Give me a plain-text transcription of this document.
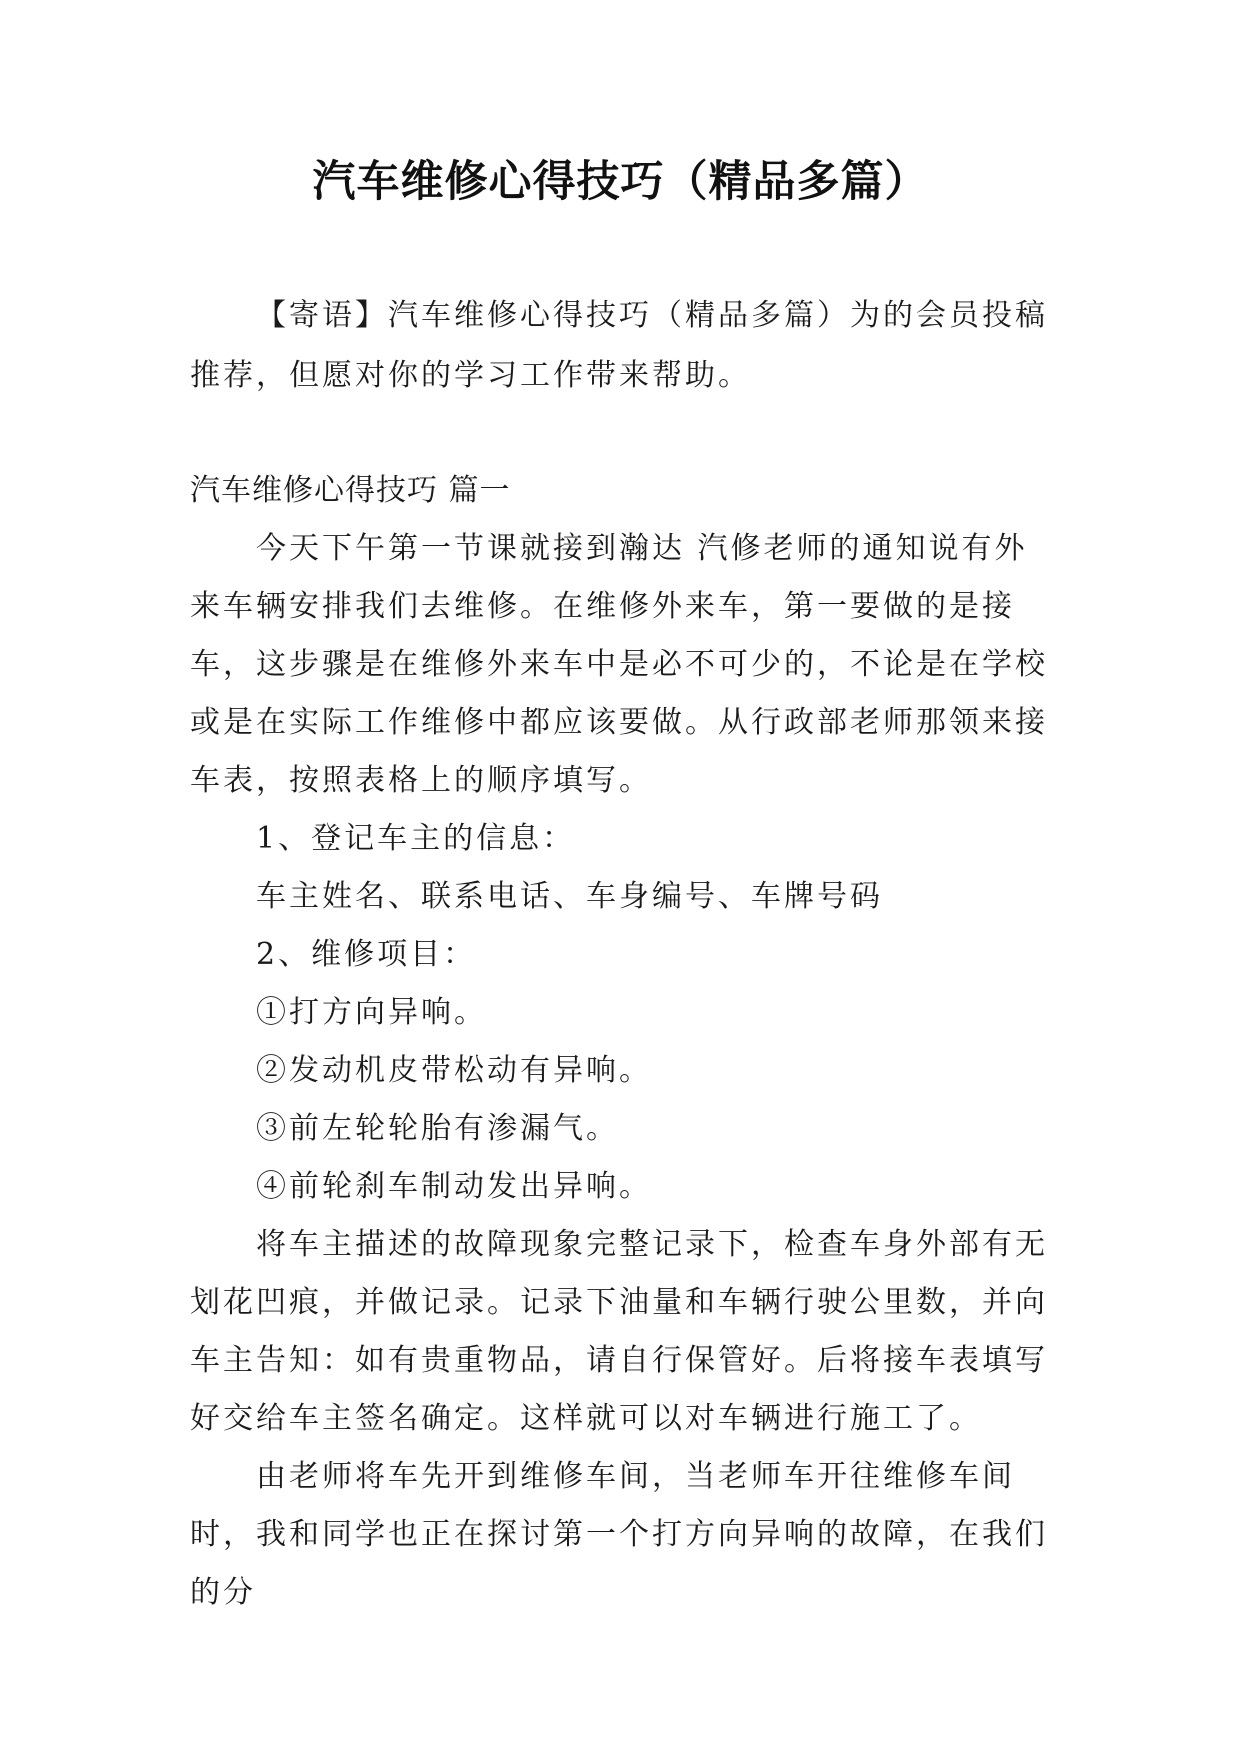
汽车维修心得技巧（精品多篇）
【寄语】汽车维修心得技巧（精品多篇）为的会员投稿推荐，但愿对你的学习工作带来帮助。

汽车维修心得技巧 篇一

今天下午第一节课就接到瀚达 汽修老师的通知说有外来车辆安排我们去维修。在维修外来车，第一要做的是接车，这步骤是在维修外来车中是必不可少的，不论是在学校或是在实际工作维修中都应该要做。从行政部老师那领来接车表，按照表格上的顺序填写。

1、登记车主的信息：

车主姓名、联系电话、车身编号、车牌号码

2、维修项目：

①打方向异响。

②发动机皮带松动有异响。

③前左轮轮胎有渗漏气。

④前轮刹车制动发出异响。

将车主描述的故障现象完整记录下，检查车身外部有无划花凹痕，并做记录。记录下油量和车辆行驶公里数，并向车主告知：如有贵重物品，请自行保管好。后将接车表填写好交给车主签名确定。这样就可以对车辆进行施工了。

由老师将车先开到维修车间，当老师车开往维修车间时，我和同学也正在探讨第一个打方向异响的故障，在我们的分
